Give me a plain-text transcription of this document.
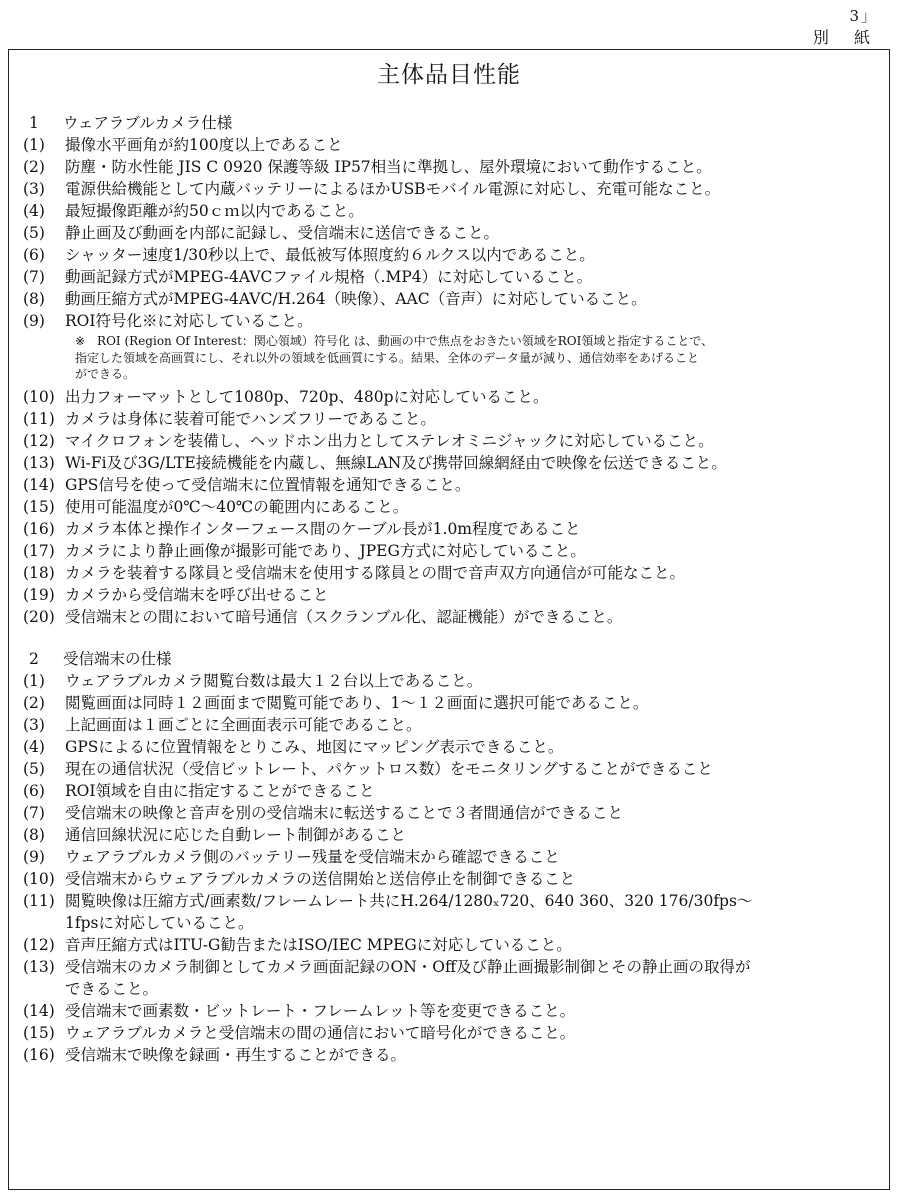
3」
別 紙
主体品目性能
1 ウェアラブルカメラ仕様
(1)	撮像水平画角が約100度以上であること
(2)	防塵・防水性能 JIS C 0920 保護等級 IP57相当に準拠し、屋外環境において動作すること。
(3)	電源供給機能として内蔵バッテリーによるほかUSBモバイル電源に対応し、充電可能なこと。
(4)	最短撮像距離が約50ｃｍ以内であること。
(5)	静止画及び動画を内部に記録し、受信端末に送信できること。
(6)	シャッター速度1/30秒以上で、最低被写体照度約６ルクス以内であること。
(7)	動画記録方式がMPEG-4AVCファイル規格（.MP4）に対応していること。
(8)	動画圧縮方式がMPEG-4AVC/H.264（映像）、AAC（音声）に対応していること。
(9)	ROI符号化※に対応していること。
※　ROI (Region Of Interest：関心領域）符号化 は、動画の中で焦点をおきたい領域をROI領域と指定することで、
指定した領域を高画質にし、それ以外の領域を低画質にする。結果、全体のデータ量が減り、通信効率をあげること
ができる。
(10) 出力フォーマットとして1080p、720p、480pに対応していること。
(11) カメラは身体に装着可能でハンズフリーであること。
(12) マイクロフォンを装備し、ヘッドホン出力としてステレオミニジャックに対応していること。
(13) Wi-Fi及び3G/LTE接続機能を内蔵し、無線LAN及び携帯回線網経由で映像を伝送できること。
(14) GPS信号を使って受信端末に位置情報を通知できること。
(15) 使用可能温度が0℃～40℃の範囲内にあること。
(16) カメラ本体と操作インターフェース間のケーブル長が1.0m程度であること
(17) カメラにより静止画像が撮影可能であり、JPEG方式に対応していること。
(18) カメラを装着する隊員と受信端末を使用する隊員との間で音声双方向通信が可能なこと。
(19) カメラから受信端末を呼び出せること
(20) 受信端末との間において暗号通信（スクランブル化、認証機能）ができること。
2 受信端末の仕様
(1)	ウェアラブルカメラ閲覧台数は最大１２台以上であること。
(2)	閲覧画面は同時１２画面まで閲覧可能であり、1～１２画面に選択可能であること。
(3)	上記画面は１画ごとに全画面表示可能であること。
(4)	GPSによるに位置情報をとりこみ、地図にマッピング表示できること。
(5)	現在の通信状況（受信ビットレート、パケットロス数）をモニタリングすることができること
(6)	ROI領域を自由に指定することができること
(7)	受信端末の映像と音声を別の受信端末に転送することで３者間通信ができること
(8)	通信回線状況に応じた自動レート制御があること
(9)	ウェアラブルカメラ側のバッテリー残量を受信端末から確認できること
(10) 受信端末からウェアラブルカメラの送信開始と送信停止を制御できること
(11) 閲覧映像は圧縮方式/画素数/フレームレート共にH.264/1280ₓ720、640 360、320 176/30fps～
1fpsに対応していること。
(12) 音声圧縮方式はITU-G勧告またはISO/IEC MPEGに対応していること。
(13) 受信端末のカメラ制御としてカメラ画面記録のON・Off及び静止画撮影制御とその静止画の取得が
できること。
(14) 受信端末で画素数・ビットレート・フレームレット等を変更できること。
(15) ウェアラブルカメラと受信端末の間の通信において暗号化ができること。
(16) 受信端末で映像を録画・再生することができる。
